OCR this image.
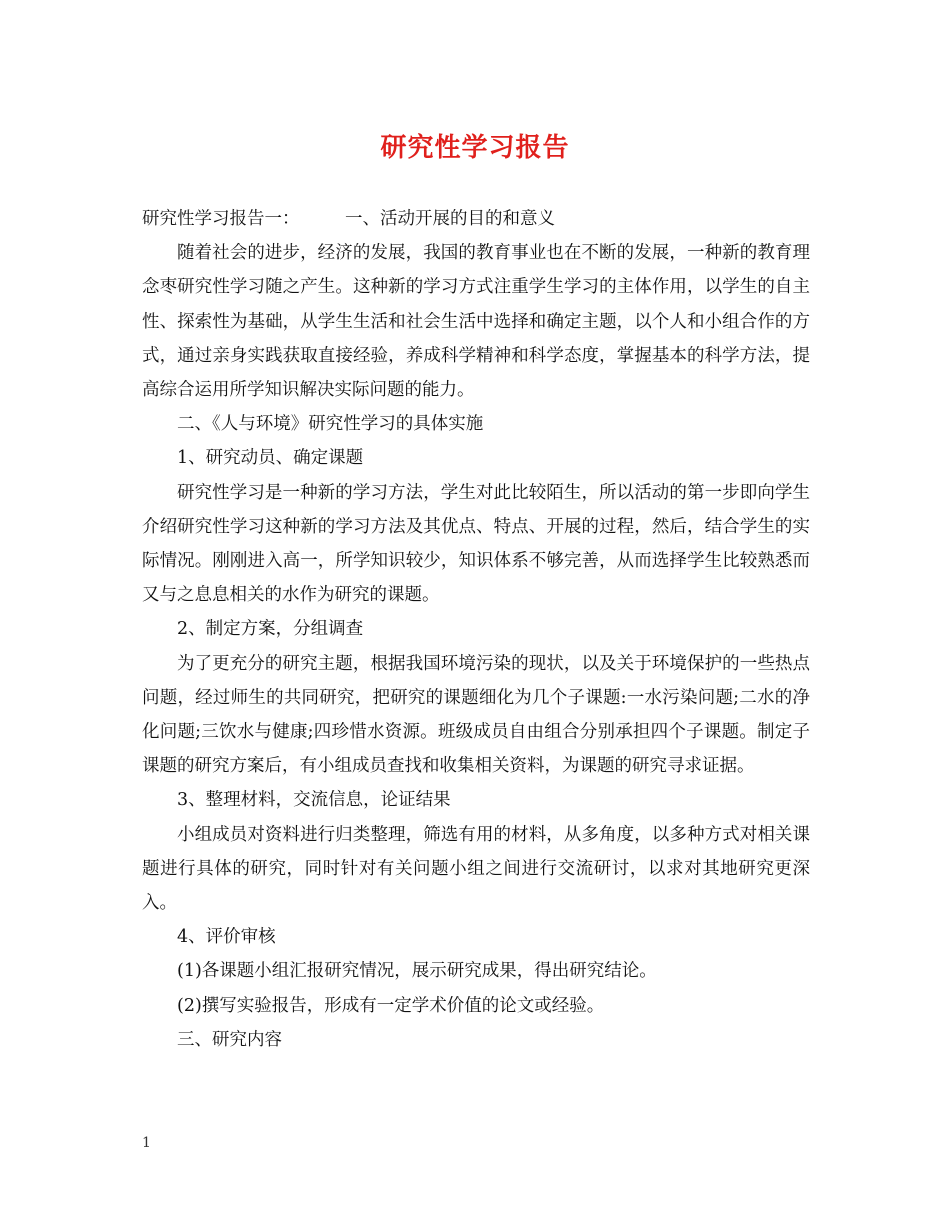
研究性学习报告

研究性学习报告一：	一、活动开展的目的和意义

随着社会的进步，经济的发展，我国的教育事业也在不断的发展，一种新的教育理念枣研究性学习随之产生。这种新的学习方式注重学生学习的主体作用，以学生的自主性、探索性为基础，从学生生活和社会生活中选择和确定主题，以个人和小组合作的方式，通过亲身实践获取直接经验，养成科学精神和科学态度，掌握基本的科学方法，提高综合运用所学知识解决实际问题的能力。

二、《人与环境》研究性学习的具体实施

1、研究动员、确定课题

研究性学习是一种新的学习方法，学生对此比较陌生，所以活动的第一步即向学生介绍研究性学习这种新的学习方法及其优点、特点、开展的过程，然后，结合学生的实际情况。刚刚进入高一，所学知识较少，知识体系不够完善，从而选择学生比较熟悉而又与之息息相关的水作为研究的课题。

2、制定方案，分组调查

为了更充分的研究主题，根据我国环境污染的现状，以及关于环境保护的一些热点问题，经过师生的共同研究，把研究的课题细化为几个子课题:一水污染问题;二水的净化问题;三饮水与健康;四珍惜水资源。班级成员自由组合分别承担四个子课题。制定子课题的研究方案后，有小组成员查找和收集相关资料，为课题的研究寻求证据。

3、整理材料，交流信息，论证结果

小组成员对资料进行归类整理，筛选有用的材料，从多角度，以多种方式对相关课题进行具体的研究，同时针对有关问题小组之间进行交流研讨，以求对其地研究更深入。

4、评价审核

(1)各课题小组汇报研究情况，展示研究成果，得出研究结论。

(2)撰写实验报告，形成有一定学术价值的论文或经验。

三、研究内容

1
